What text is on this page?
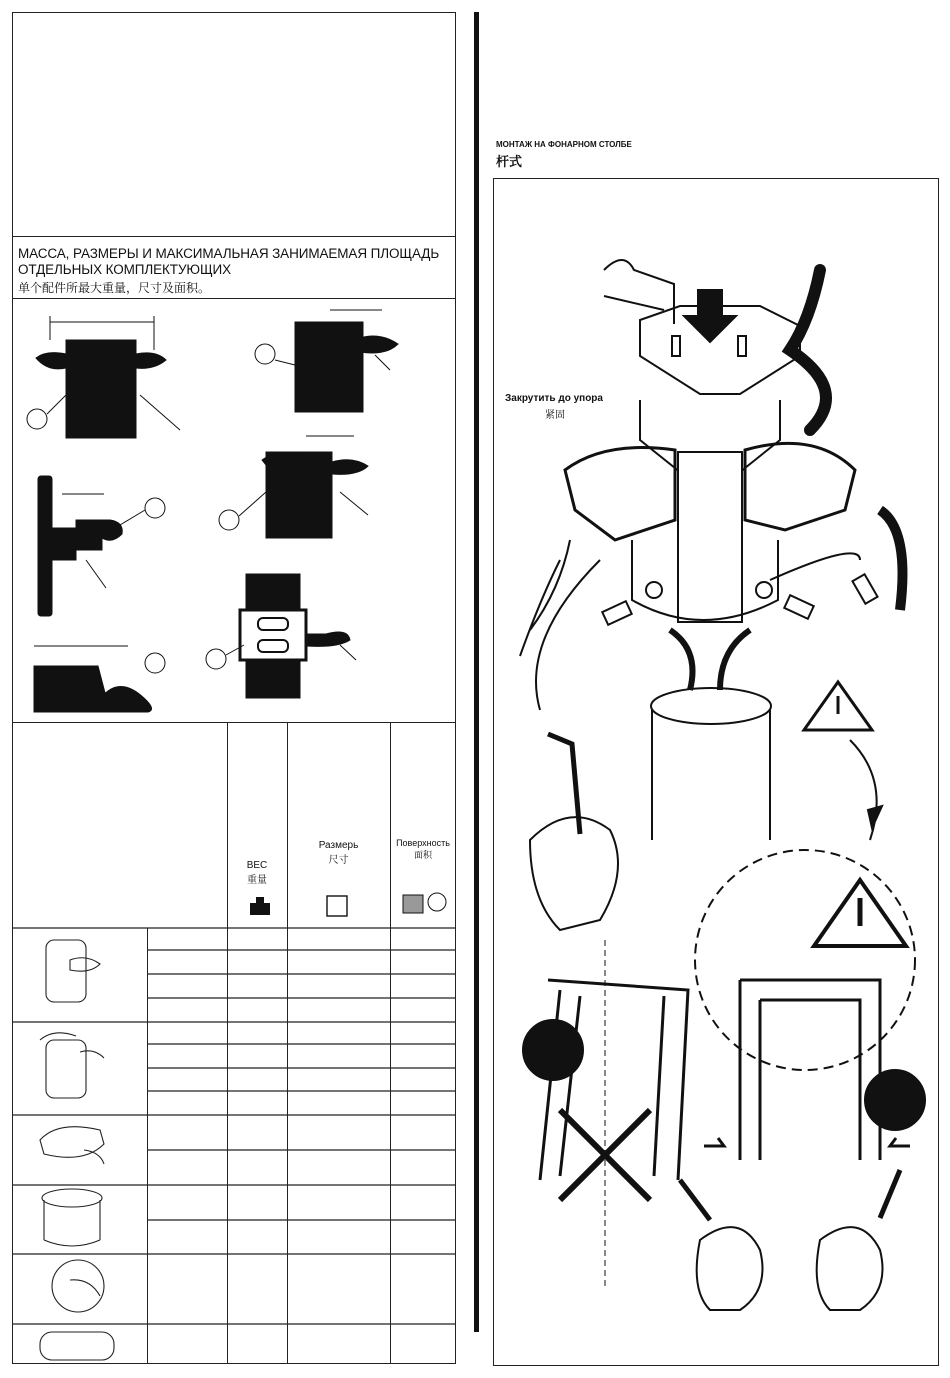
МАССА, РАЗМЕРЫ И МАКСИМАЛЬНАЯ ЗАНИМАЕМАЯ ПЛОЩАДЬ
ОТДЕЛЬНЫХ КОМПЛЕКТУЮЩИХ
单个配件所最大重量，尺寸及面积。
ВЕС
重量
Размерь
尺寸
Поверхность
面积
МОНТАЖ НА ФОНАРНОМ СТОЛБЕ
杆式
Закрутить до упора
紧固
